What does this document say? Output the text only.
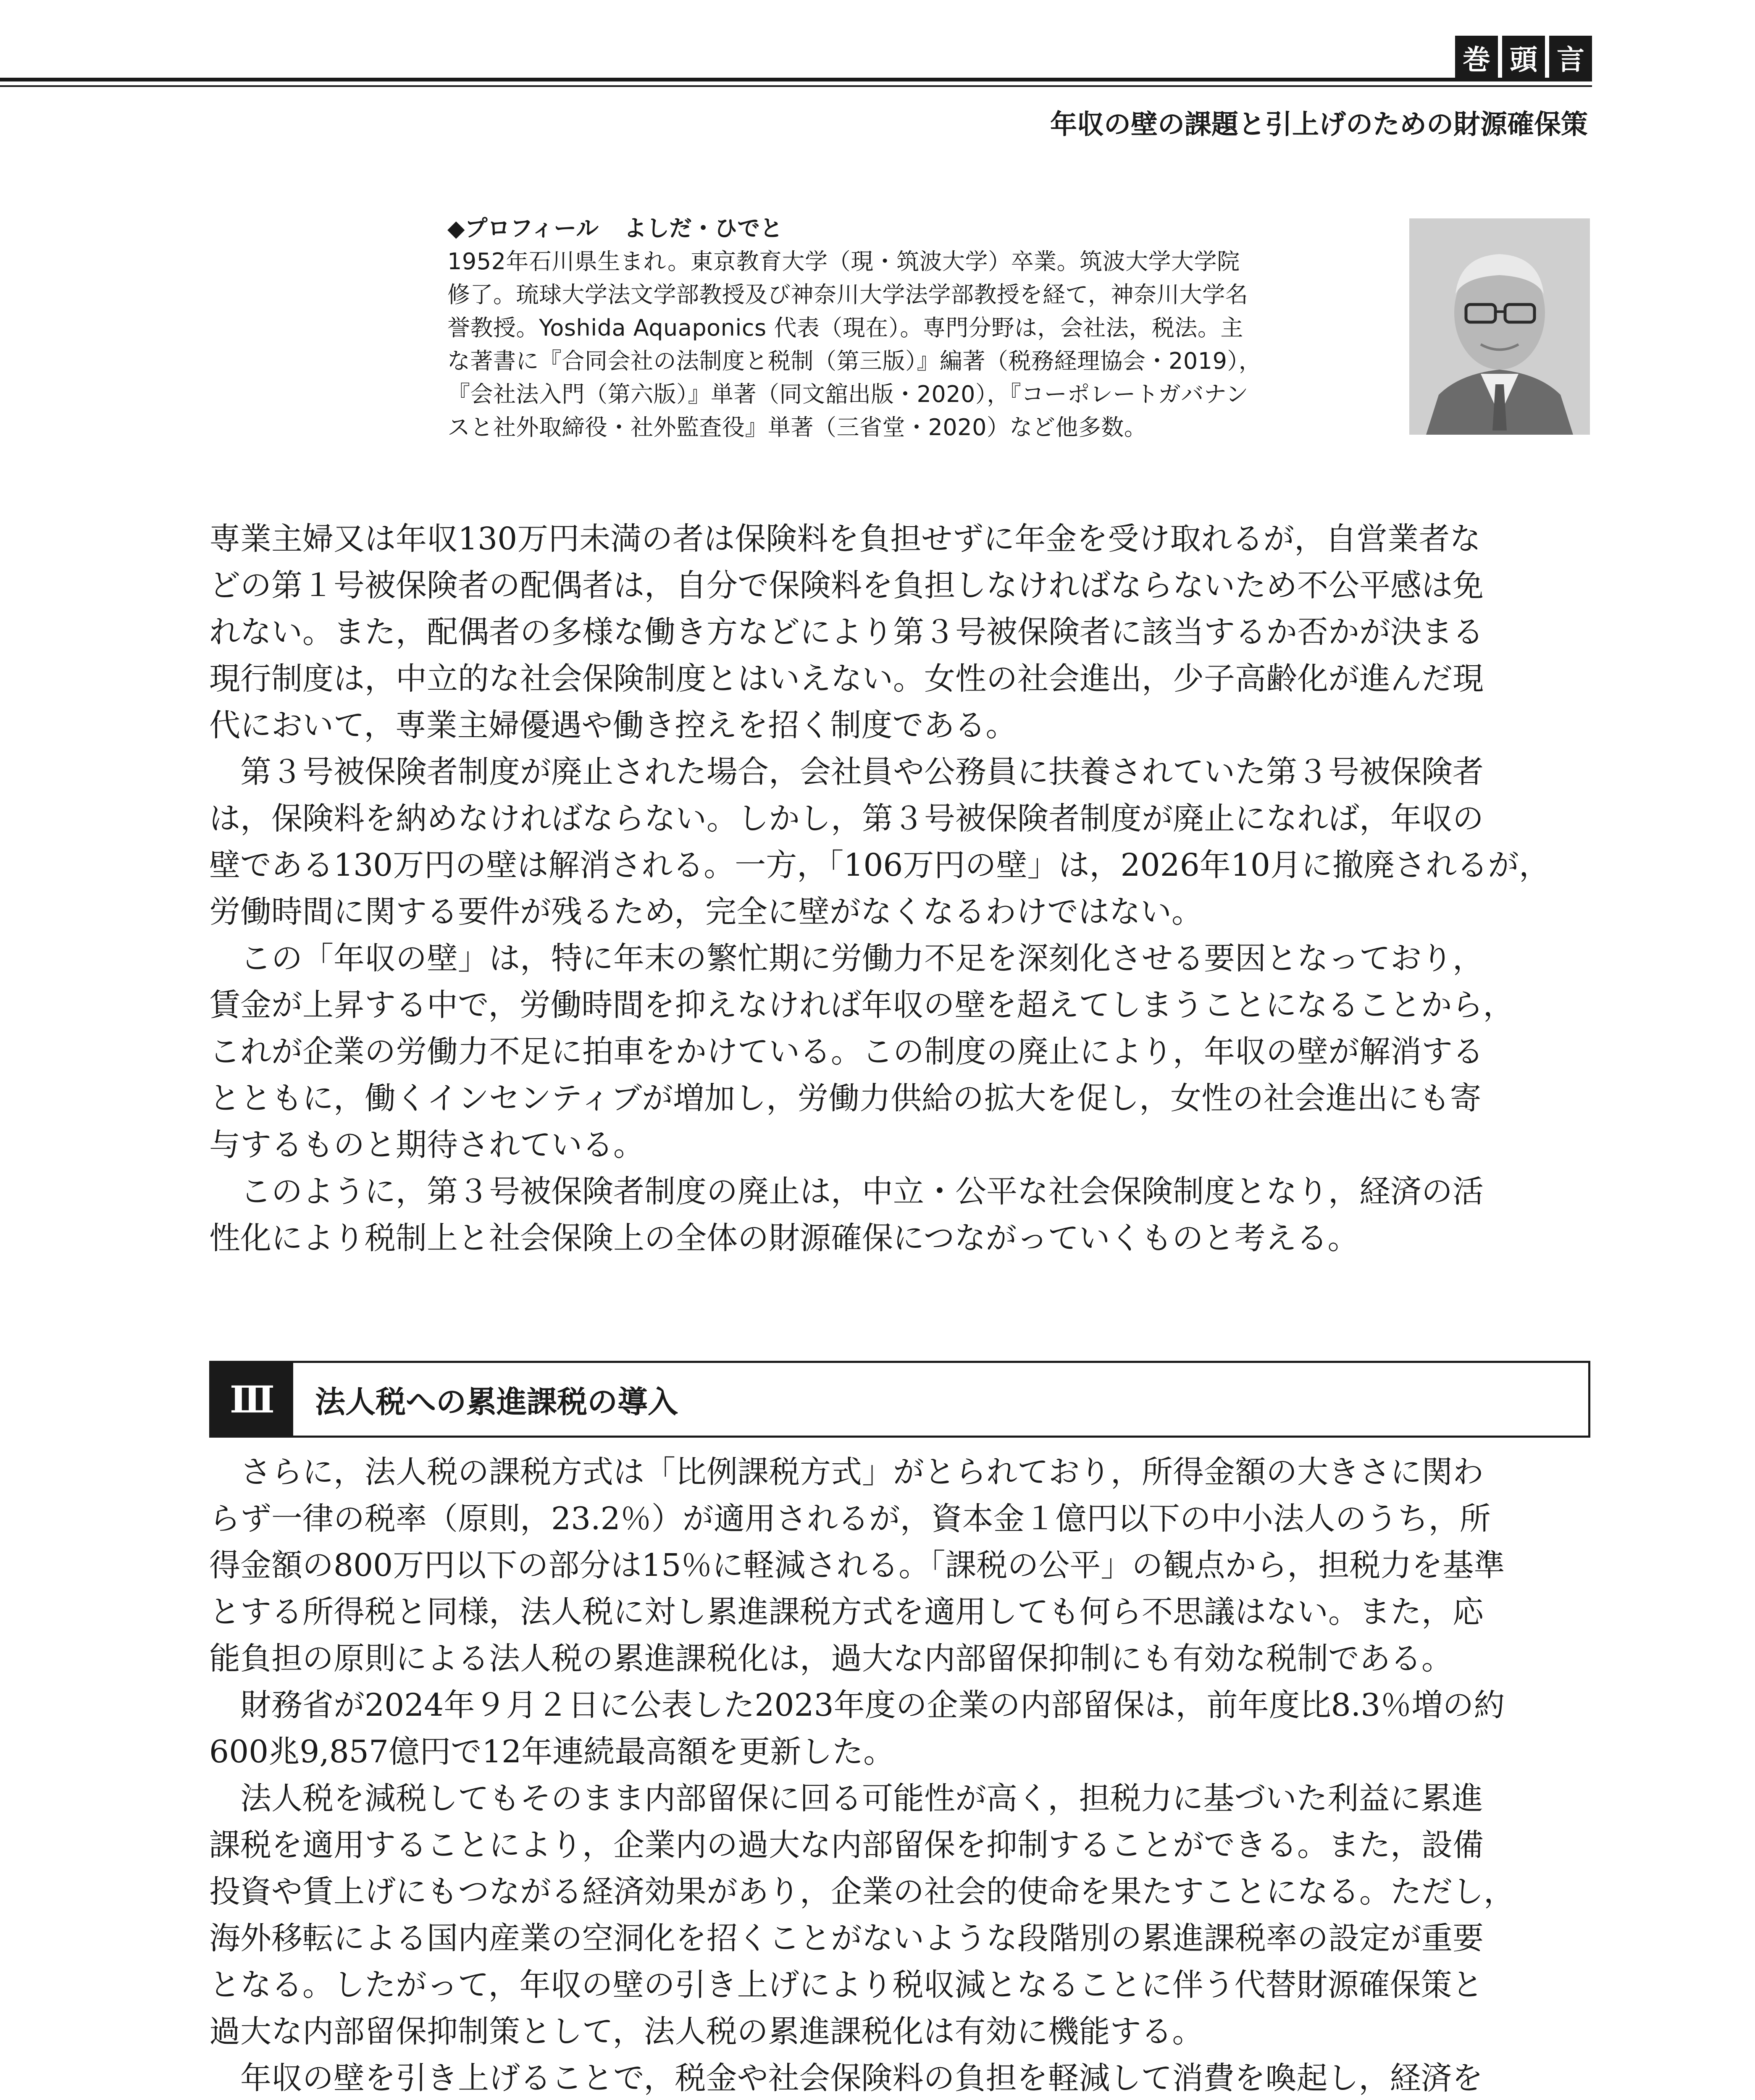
巻 頭 言
年収の壁の課題と引上げのための財源確保策
◆プロフィール よしだ・ひでと
1952年石川県生まれ。東京教育大学（現・筑波大学）卒業。筑波大学大学院
修了。琉球大学法文学部教授及び神奈川大学法学部教授を経て，神奈川大学名
誉教授。Yoshida Aquaponics 代表（現在）。専門分野は，会社法，税法。主
な著書に『合同会社の法制度と税制（第三版）』編著（税務経理協会・2019），
『会社法入門（第六版）』単著（同文舘出版・2020），『コーポレートガバナン
スと社外取締役・社外監査役』単著（三省堂・2020）など他多数。

専業主婦又は年収130万円未満の者は保険料を負担せずに年金を受け取れるが，自営業者な
どの第１号被保険者の配偶者は，自分で保険料を負担しなければならないため不公平感は免
れない。また，配偶者の多様な働き方などにより第３号被保険者に該当するか否かが決まる
現行制度は，中立的な社会保険制度とはいえない。女性の社会進出，少子高齢化が進んだ現
代において，専業主婦優遇や働き控えを招く制度である。

　第３号被保険者制度が廃止された場合，会社員や公務員に扶養されていた第３号被保険者
は，保険料を納めなければならない。しかし，第３号被保険者制度が廃止になれば，年収の
壁である130万円の壁は解消される。一方，「106万円の壁」は，2026年10月に撤廃されるが，
労働時間に関する要件が残るため，完全に壁がなくなるわけではない。

　この「年収の壁」は，特に年末の繁忙期に労働力不足を深刻化させる要因となっており，
賃金が上昇する中で，労働時間を抑えなければ年収の壁を超えてしまうことになることから，
これが企業の労働力不足に拍車をかけている。この制度の廃止により，年収の壁が解消する
とともに，働くインセンティブが増加し，労働力供給の拡大を促し，女性の社会進出にも寄
与するものと期待されている。

　このように，第３号被保険者制度の廃止は，中立・公平な社会保険制度となり，経済の活
性化により税制上と社会保険上の全体の財源確保につながっていくものと考える。

Ⅲ	法人税への累進課税の導入

　さらに，法人税の課税方式は「比例課税方式」がとられており，所得金額の大きさに関わ
らず一律の税率（原則，23.2％）が適用されるが，資本金１億円以下の中小法人のうち，所
得金額の800万円以下の部分は15％に軽減される。「課税の公平」の観点から，担税力を基準
とする所得税と同様，法人税に対し累進課税方式を適用しても何ら不思議はない。また，応
能負担の原則による法人税の累進課税化は，過大な内部留保抑制にも有効な税制である。

　財務省が2024年９月２日に公表した2023年度の企業の内部留保は，前年度比8.3％増の約
600兆9,857億円で12年連続最高額を更新した。

　法人税を減税してもそのまま内部留保に回る可能性が高く，担税力に基づいた利益に累進
課税を適用することにより，企業内の過大な内部留保を抑制することができる。また，設備
投資や賃上げにもつながる経済効果があり，企業の社会的使命を果たすことになる。ただし，
海外移転による国内産業の空洞化を招くことがないような段階別の累進課税率の設定が重要
となる。したがって，年収の壁の引き上げにより税収減となることに伴う代替財源確保策と
過大な内部留保抑制策として，法人税の累進課税化は有効に機能する。

　年収の壁を引き上げることで，税金や社会保険料の負担を軽減して消費を喚起し，経済を
